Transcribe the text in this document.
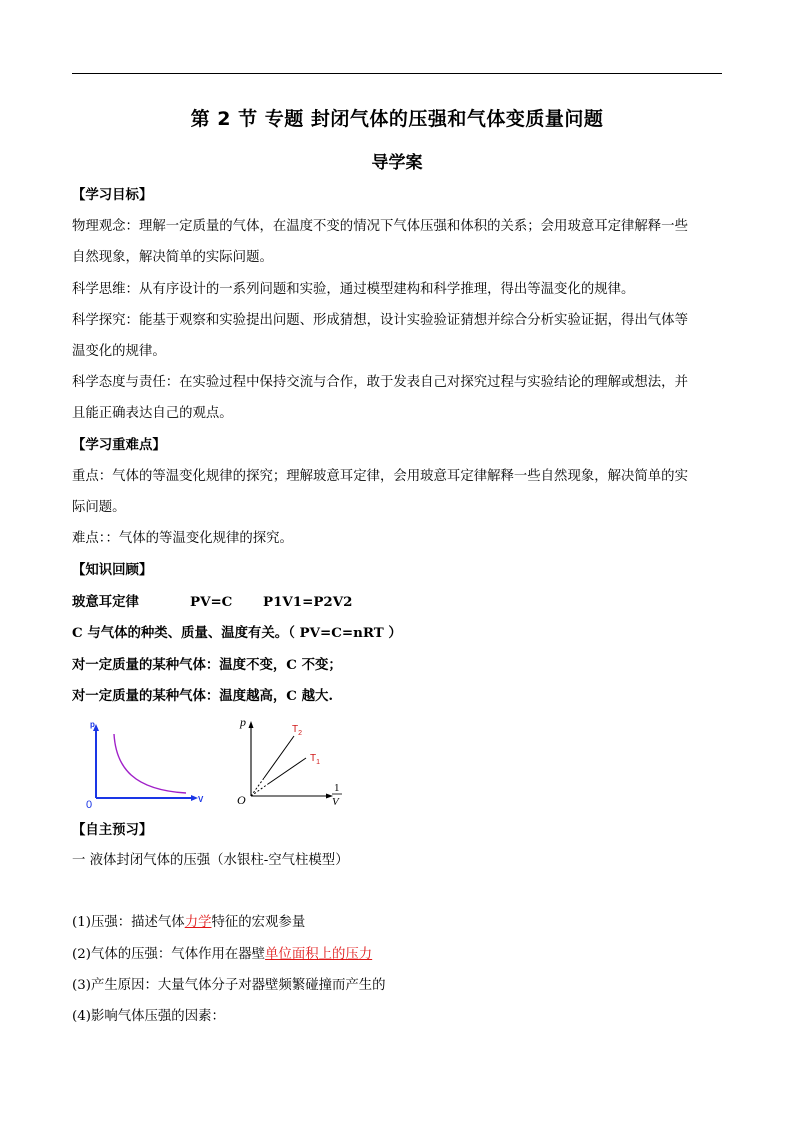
第 2 节 专题 封闭气体的压强和气体变质量问题
导学案
【学习目标】
物理观念：理解一定质量的气体，在温度不变的情况下气体压强和体积的关系；会用玻意耳定律解释一些
自然现象，解决简单的实际问题。
科学思维：从有序设计的一系列问题和实验，通过模型建构和科学推理，得出等温变化的规律。
科学探究：能基于观察和实验提出问题、形成猜想，设计实验验证猜想并综合分析实验证据，得出气体等
温变化的规律。
科学态度与责任：在实验过程中保持交流与合作，敢于发表自己对探究过程与实验结论的理解或想法，并
且能正确表达自己的观点。
【学习重难点】
重点：气体的等温变化规律的探究；理解玻意耳定律，会用玻意耳定律解释一些自然现象，解决简单的实
际问题。
难点：：气体的等温变化规律的探究。
【知识回顾】
玻意耳定律	PV=C P1V1=P2V2
C 与气体的种类、质量、温度有关。（ PV=C=nRT ）
对一定质量的某种气体：温度不变，C 不变；
对一定质量的某种气体：温度越高，C 越大.
p
V
0
p
O
$T_2$
$T_1$
1
V
【自主预习】
一 液体封闭气体的压强（水银柱-空气柱模型）
(1)压强：描述气体力学特征的宏观参量
(2)气体的压强：气体作用在器壁单位面积上的压力
(3)产生原因：大量气体分子对器壁频繁碰撞而产生的
(4)影响气体压强的因素：
